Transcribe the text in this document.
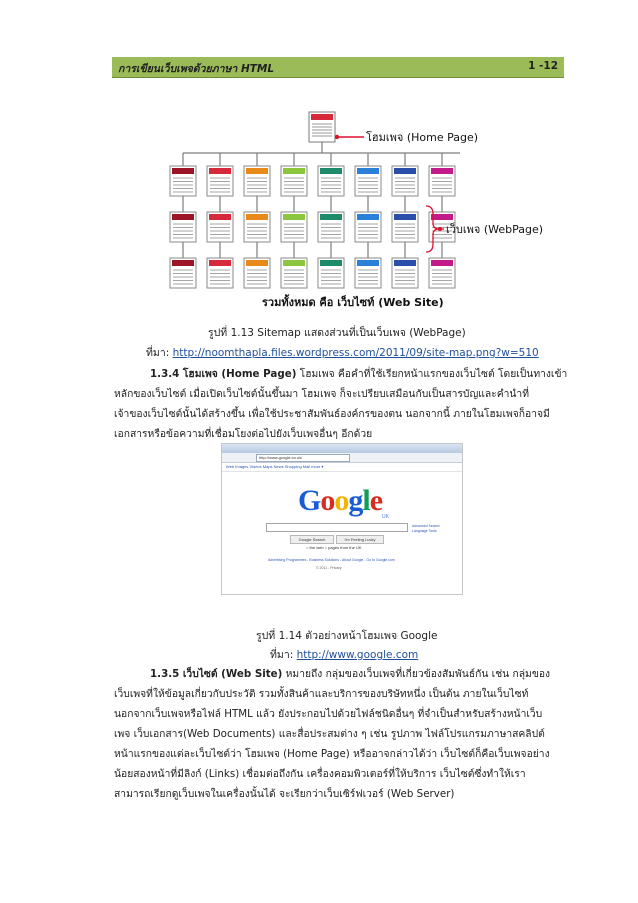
การเขียนเว็บเพจด้วยภาษา HTML	1 -12
โฮมเพจ (Home Page)
เว็บเพจ (WebPage)
รวมทั้งหมด คือ เว็บไซท์ (Web Site)
รูปที่ 1.13 Sitemap แสดงส่วนที่เป็นเว็บเพจ (WebPage)
ที่มา: http://noomthapla.files.wordpress.com/2011/09/site-map.png?w=510

1.3.4 โฮมเพจ (Home Page) โฮมเพจ คือคำที่ใช้เรียกหน้าแรกของเว็บไซต์ โดยเป็นทางเข้า

หลักของเว็บไซต์ เมื่อเปิดเว็บไซต์นั้นขึ้นมา โฮมเพจ ก็จะเปรียบเสมือนกับเป็นสารบัญและคำนำที่

เจ้าของเว็บไซต์นั้นได้สร้างขึ้น เพื่อใช้ประชาสัมพันธ์องค์กรของตน นอกจากนี้ ภายในโฮมเพจก็อาจมี

เอกสารหรือข้อความที่เชื่อมโยงต่อไปยังเว็บเพจอื่นๆ อีกด้วย

http://www.google.co.uk/
Web Images Videos Maps News Shopping Mail more ▾
Google UK
Google Search	I'm Feeling Lucky
○ the web ○ pages from the UK
Advanced Search
Language Tools
Advertising Programmes - Business Solutions - About Google - Go to Google.com
© 2011 - Privacy
รูปที่ 1.14 ตัวอย่างหน้าโฮมเพจ Google
ที่มา: http://www.google.com

1.3.5 เว็บไซต์ (Web Site) หมายถึง กลุ่มของเว็บเพจที่เกี่ยวข้องสัมพันธ์กัน เช่น กลุ่มของ

เว็บเพจที่ให้ข้อมูลเกี่ยวกับประวัติ รวมทั้งสินค้าและบริการของบริษัทหนึ่ง เป็นต้น ภายในเว็บไซท์

นอกจากเว็บเพจหรือไฟล์ HTML แล้ว ยังประกอบไปด้วยไฟล์ชนิดอื่นๆ ที่จำเป็นสำหรับสร้างหน้าเว็บ

เพจ เว็บเอกสาร(Web Documents) และสื่อประสมต่าง ๆ เช่น รูปภาพ ไฟล์โปรแกรมภาษาสคลิปต์

หน้าแรกของแต่ละเว็บไซต์ว่า โฮมเพจ (Home Page) หรืออาจกล่าวได้ว่า เว็บไซต์ก็คือเว็บเพจอย่าง

น้อยสองหน้าที่มีลิงก์ (Links) เชื่อมต่อถึงกัน เครื่องคอมพิวเตอร์ที่ให้บริการ เว็บไซต์ซึ่งทำให้เรา

สามารถเรียกดูเว็บเพจในเครื่องนั้นได้ จะเรียกว่าเว็บเซิร์ฟเวอร์ (Web Server)
